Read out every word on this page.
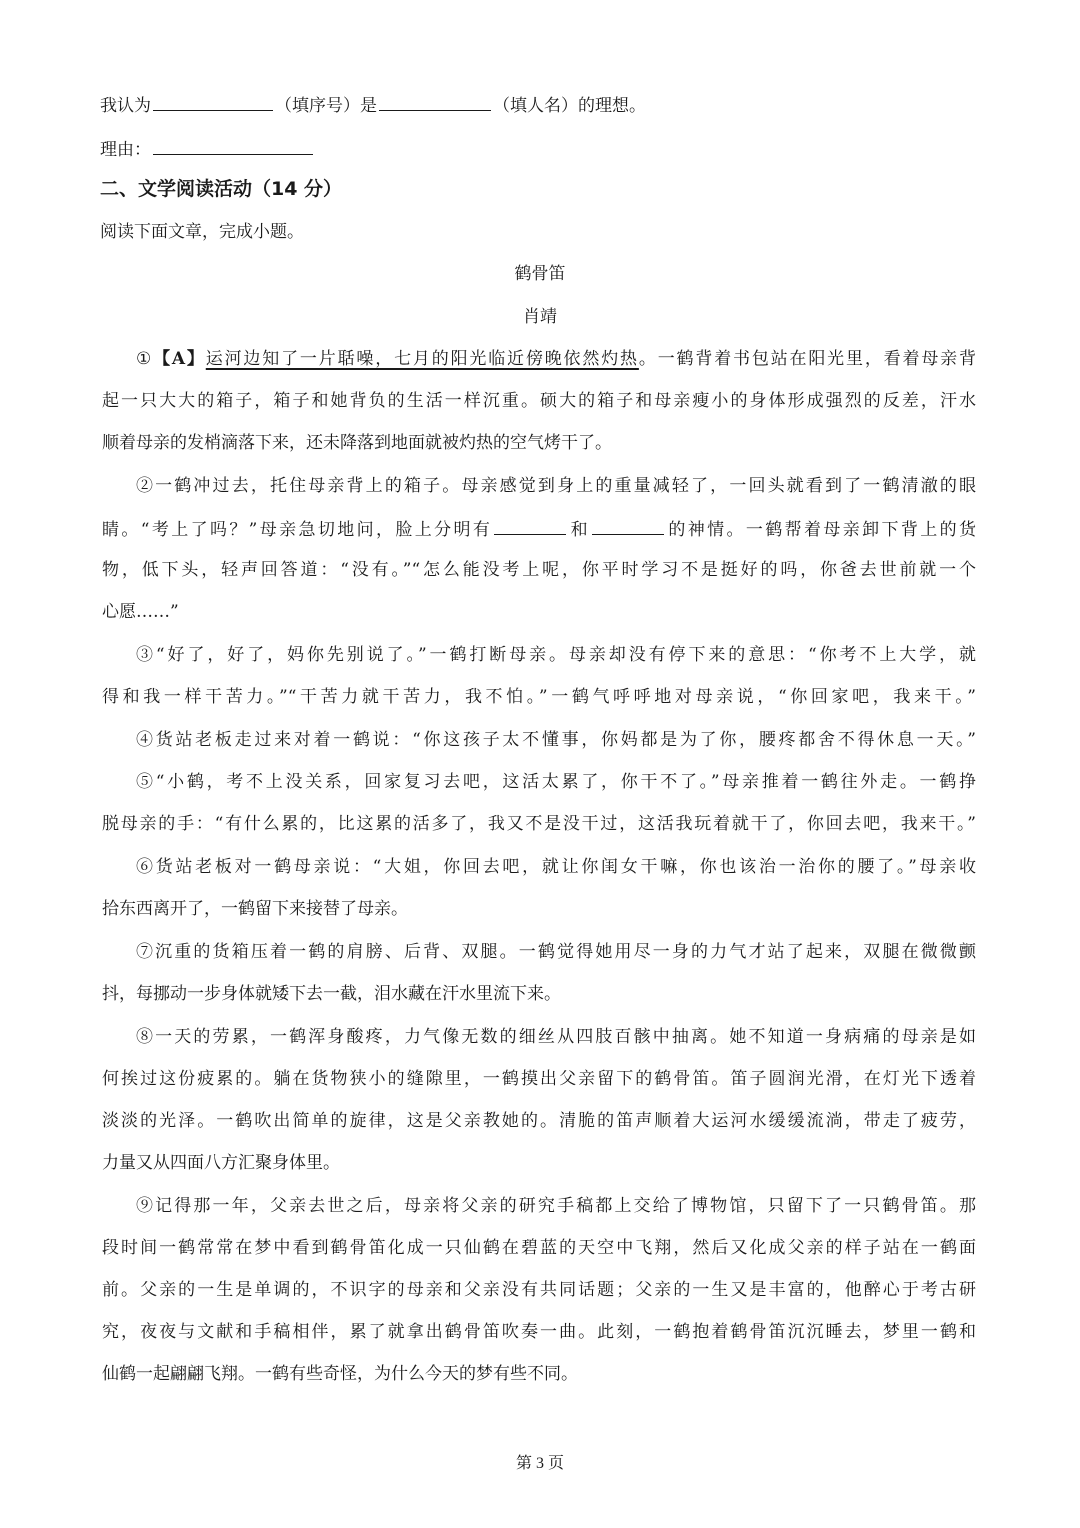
我认为	（填序号）是	（填人名）的理想。
理由：
二、文学阅读活动（14 分）
阅读下面文章，完成小题。
鹤骨笛
肖靖
①【A】运河边知了一片聒噪，七月的阳光临近傍晚依然灼热。一鹤背着书包站在阳光里，看着母亲背
起一只大大的箱子，箱子和她背负的生活一样沉重。硕大的箱子和母亲瘦小的身体形成强烈的反差，汗水
顺着母亲的发梢滴落下来，还未降落到地面就被灼热的空气烤干了。
②一鹤冲过去，托住母亲背上的箱子。母亲感觉到身上的重量减轻了，一回头就看到了一鹤清澈的眼
睛。“考上了吗？”母亲急切地问，脸上分明有	和	的神情。一鹤帮着母亲卸下背上的货
物，低下头，轻声回答道：“没有。”“怎么能没考上呢，你平时学习不是挺好的吗，你爸去世前就一个
心愿……”
③“好了，好了，妈你先别说了。”一鹤打断母亲。母亲却没有停下来的意思：“你考不上大学，就
得和我一样干苦力。”“干苦力就干苦力，我不怕。”一鹤气呼呼地对母亲说，“你回家吧，我来干。”
④货站老板走过来对着一鹤说：“你这孩子太不懂事，你妈都是为了你，腰疼都舍不得休息一天。”
⑤“小鹤，考不上没关系，回家复习去吧，这活太累了，你干不了。”母亲推着一鹤往外走。一鹤挣
脱母亲的手：“有什么累的，比这累的活多了，我又不是没干过，这活我玩着就干了，你回去吧，我来干。”
⑥货站老板对一鹤母亲说：“大姐，你回去吧，就让你闺女干嘛，你也该治一治你的腰了。”母亲收
拾东西离开了，一鹤留下来接替了母亲。
⑦沉重的货箱压着一鹤的肩膀、后背、双腿。一鹤觉得她用尽一身的力气才站了起来，双腿在微微颤
抖，每挪动一步身体就矮下去一截，泪水藏在汗水里流下来。
⑧一天的劳累，一鹤浑身酸疼，力气像无数的细丝从四肢百骸中抽离。她不知道一身病痛的母亲是如
何挨过这份疲累的。躺在货物狭小的缝隙里，一鹤摸出父亲留下的鹤骨笛。笛子圆润光滑，在灯光下透着
淡淡的光泽。一鹤吹出简单的旋律，这是父亲教她的。清脆的笛声顺着大运河水缓缓流淌，带走了疲劳，
力量又从四面八方汇聚身体里。
⑨记得那一年，父亲去世之后，母亲将父亲的研究手稿都上交给了博物馆，只留下了一只鹤骨笛。那
段时间一鹤常常在梦中看到鹤骨笛化成一只仙鹤在碧蓝的天空中飞翔，然后又化成父亲的样子站在一鹤面
前。父亲的一生是单调的，不识字的母亲和父亲没有共同话题；父亲的一生又是丰富的，他醉心于考古研
究，夜夜与文献和手稿相伴，累了就拿出鹤骨笛吹奏一曲。此刻，一鹤抱着鹤骨笛沉沉睡去，梦里一鹤和
仙鹤一起翩翩飞翔。一鹤有些奇怪，为什么今天的梦有些不同。
第 3 页
